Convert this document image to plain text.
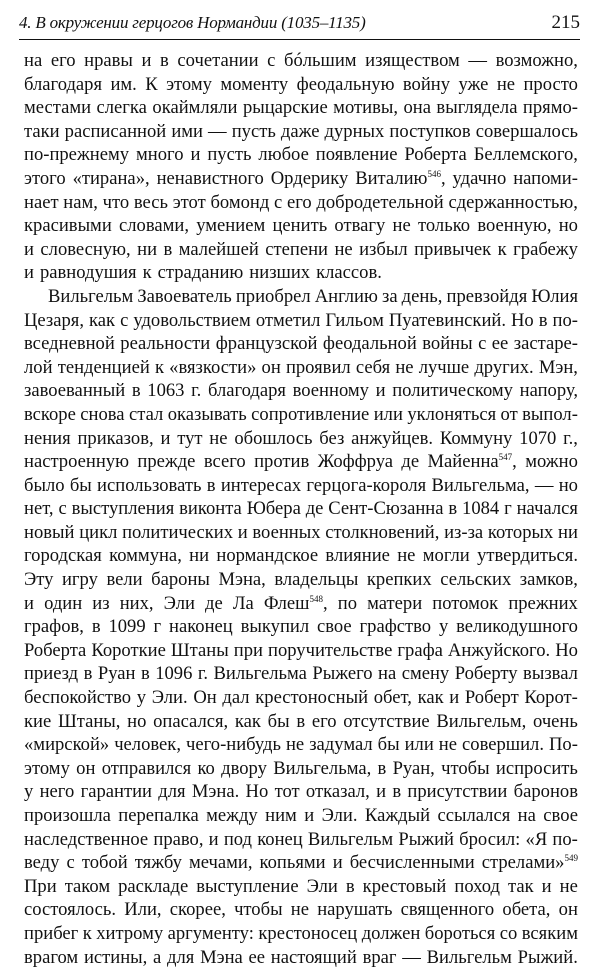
4. В окружении герцогов Нормандии (1035–1135)	215
на его нравы и в сочетании с бóльшим изяществом — возможно,
благодаря им. К этому моменту феодальную войну уже не просто
местами слегка окаймляли рыцарские мотивы, она выглядела прямо-
таки расписанной ими — пусть даже дурных поступков совершалось
по-прежнему много и пусть любое появление Роберта Беллемского,
этого «тирана», ненавистного Ордерику Виталию$^{546}$, удачно напоми-
нает нам, что весь этот бомонд с его добродетельной сдержанностью,
красивыми словами, умением ценить отвагу не только военную, но
и словесную, ни в малейшей степени не избыл привычек к грабежу
и равнодушия к страданию низших классов.
Вильгельм Завоеватель приобрел Англию за день, превзойдя Юлия
Цезаря, как с удовольствием отметил Гильом Пуатевинский. Но в по-
вседневной реальности французской феодальной войны с ее застаре-
лой тенденцией к «вязкости» он проявил себя не лучше других. Мэн,
завоеванный в 1063 г. благодаря военному и политическому напору,
вскоре снова стал оказывать сопротивление или уклоняться от выпол-
нения приказов, и тут не обошлось без анжуйцев. Коммуну 1070 г.,
настроенную прежде всего против Жоффруа де Майенна$^{547}$, можно
было бы использовать в интересах герцога-короля Вильгельма, — но
нет, с выступления виконта Юбера де Сент-Сюзанна в 1084 г начался
новый цикл политических и военных столкновений, из-за которых ни
городская коммуна, ни нормандское влияние не могли утвердиться.
Эту игру вели бароны Мэна, владельцы крепких сельских замков,
и один из них, Эли де Ла Флеш$^{548}$, по матери потомок прежних
графов, в 1099 г наконец выкупил свое графство у великодушного
Роберта Короткие Штаны при поручительстве графа Анжуйского. Но
приезд в Руан в 1096 г. Вильгельма Рыжего на смену Роберту вызвал
беспокойство у Эли. Он дал крестоносный обет, как и Роберт Корот-
кие Штаны, но опасался, как бы в его отсутствие Вильгельм, очень
«мирской» человек, чего-нибудь не задумал бы или не совершил. По-
этому он отправился ко двору Вильгельма, в Руан, чтобы испросить
у него гарантии для Мэна. Но тот отказал, и в присутствии баронов
произошла перепалка между ним и Эли. Каждый ссылался на свое
наследственное право, и под конец Вильгельм Рыжий бросил: «Я по-
веду с тобой тяжбу мечами, копьями и бесчисленными стрелами»$^{549}$
При таком раскладе выступление Эли в крестовый поход так и не
состоялось. Или, скорее, чтобы не нарушать священного обета, он
прибег к хитрому аргументу: крестоносец должен бороться со всяким
врагом истины, а для Мэна ее настоящий враг — Вильгельм Рыжий.
